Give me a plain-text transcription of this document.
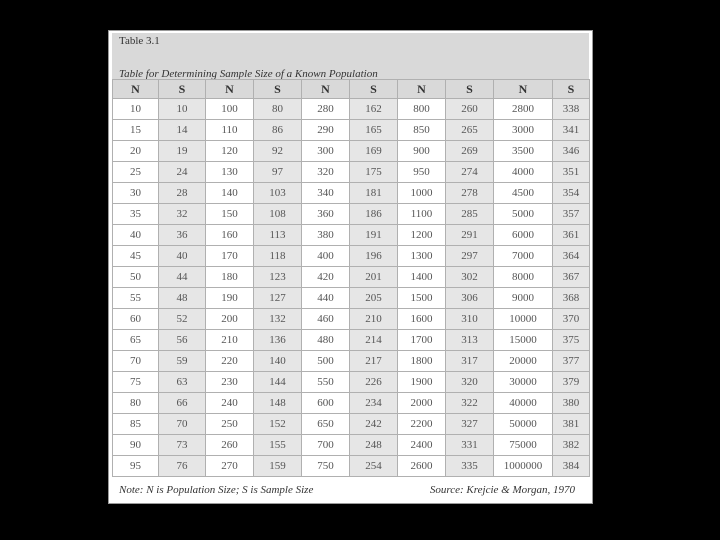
Table 3.1
Table for Determining Sample Size of a Known Population
N	S	N	S	N	S	N	S	N	S
10	10	100	80	280	162	800	260	2800	338
15	14	110	86	290	165	850	265	3000	341
20	19	120	92	300	169	900	269	3500	346
25	24	130	97	320	175	950	274	4000	351
30	28	140	103	340	181	1000	278	4500	354
35	32	150	108	360	186	1100	285	5000	357
40	36	160	113	380	191	1200	291	6000	361
45	40	170	118	400	196	1300	297	7000	364
50	44	180	123	420	201	1400	302	8000	367
55	48	190	127	440	205	1500	306	9000	368
60	52	200	132	460	210	1600	310	10000	370
65	56	210	136	480	214	1700	313	15000	375
70	59	220	140	500	217	1800	317	20000	377
75	63	230	144	550	226	1900	320	30000	379
80	66	240	148	600	234	2000	322	40000	380
85	70	250	152	650	242	2200	327	50000	381
90	73	260	155	700	248	2400	331	75000	382
95	76	270	159	750	254	2600	335	1000000	384
Note: N is Population Size; S is Sample Size	Source: Krejcie & Morgan, 1970
